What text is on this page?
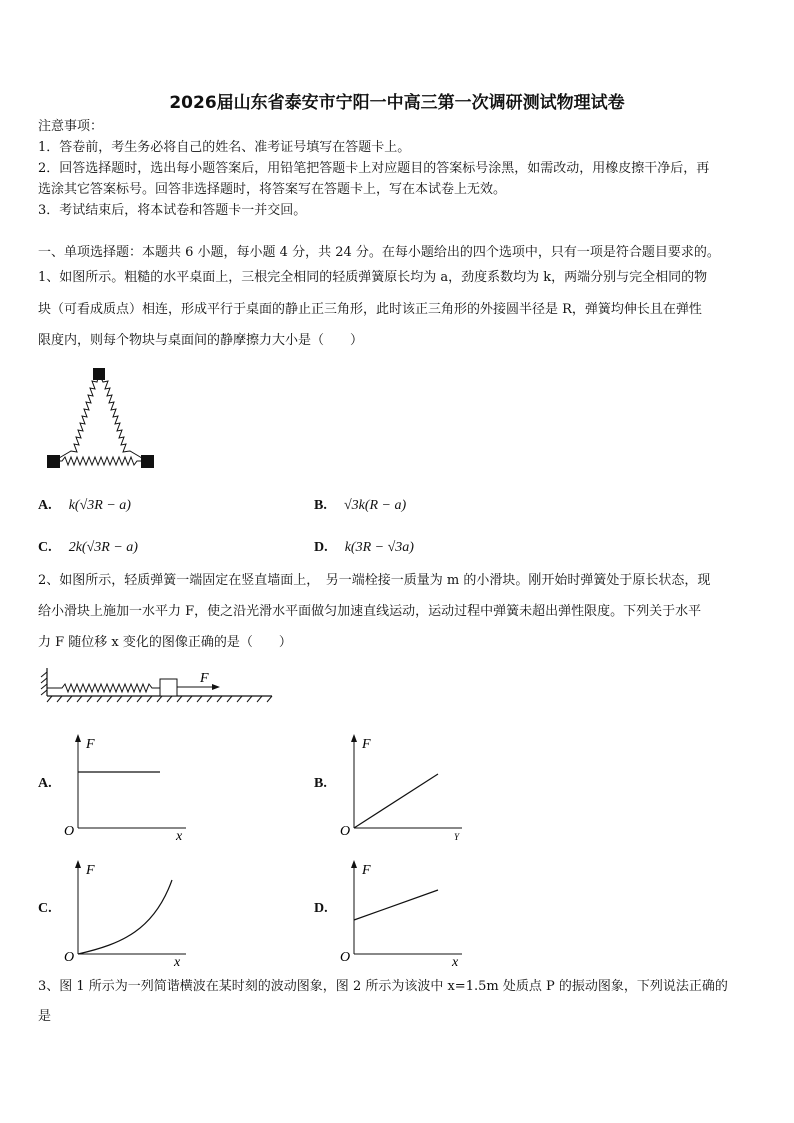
2026届山东省泰安市宁阳一中高三第一次调研测试物理试卷
注意事项：
1．答卷前，考生务必将自己的姓名、准考证号填写在答题卡上。
2．回答选择题时，选出每小题答案后，用铅笔把答题卡上对应题目的答案标号涂黑，如需改动，用橡皮擦干净后，再
选涂其它答案标号。回答非选择题时，将答案写在答题卡上，写在本试卷上无效。
3．考试结束后，将本试卷和答题卡一并交回。
一、单项选择题：本题共 6 小题，每小题 4 分，共 24 分。在每小题给出的四个选项中，只有一项是符合题目要求的。
1、如图所示。粗糙的水平桌面上，三根完全相同的轻质弹簧原长均为 a，劲度系数均为 k，两端分别与完全相同的物
块（可看成质点）相连，形成平行于桌面的静止正三角形，此时该正三角形的外接圆半径是 R，弹簧均伸长且在弹性
限度内，则每个物块与桌面间的静摩擦力大小是（　　）
A. k(√3R − a)	B. √3k(R − a)
C. 2k(√3R − a)	D. k(3R − √3a)
2、如图所示，轻质弹簧一端固定在竖直墙面上，　另一端栓接一质量为 m 的小滑块。刚开始时弹簧处于原长状态，现
给小滑块上施加一水平力 F，使之沿光滑水平面做匀加速直线运动，运动过程中弹簧未超出弹性限度。下列关于水平
力 F 随位移 x 变化的图像正确的是（　　）
F
A.	B.
C.	D.
F
x
O
F
Y
O
F
x
O
F
x
O
3、图 1 所示为一列简谐横波在某时刻的波动图象，图 2 所示为该波中 x=1.5m 处质点 P 的振动图象，下列说法正确的
是
